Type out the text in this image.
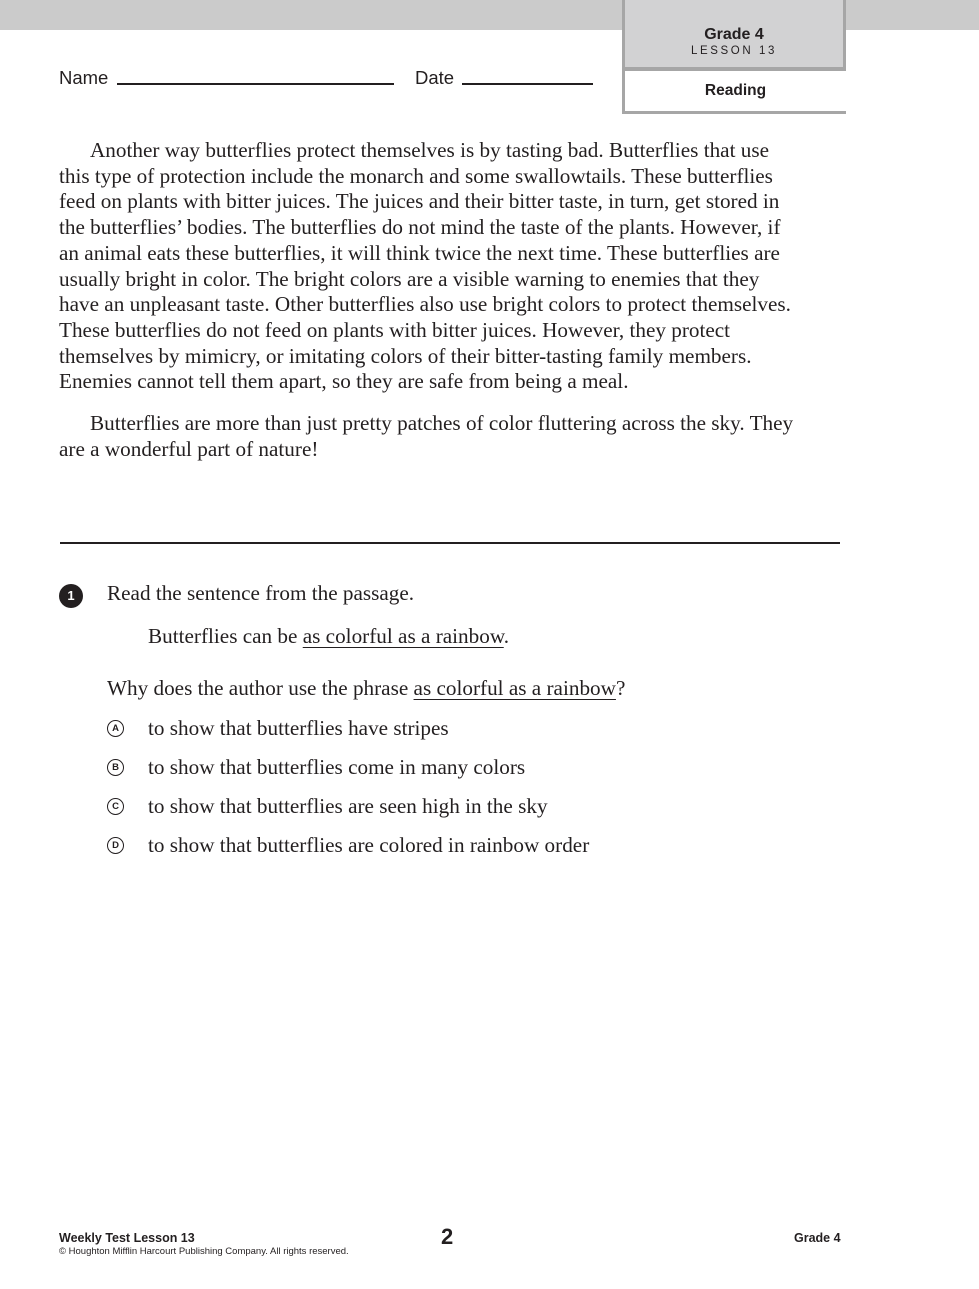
Grade 4
LESSON 13
Reading
Name	Date

Another way butterflies protect themselves is by tasting bad. Butterflies that use this type of protection include the monarch and some swallowtails. These butterflies feed on plants with bitter juices. The juices and their bitter taste, in turn, get stored in the butterflies’ bodies. The butterflies do not mind the taste of the plants. However, if an animal eats these butterflies, it will think twice the next time. These butterflies are usually bright in color. The bright colors are a visible warning to enemies that they have an unpleasant taste. Other butterflies also use bright colors to protect themselves. These butterflies do not feed on plants with bitter juices. However, they protect themselves by mimicry, or imitating colors of their bitter-tasting family members. Enemies cannot tell them apart, so they are safe from being a meal.

Butterflies are more than just pretty patches of color fluttering across the sky. They are a wonderful part of nature!

1	Read the sentence from the passage.
Butterflies can be as colorful as a rainbow.
Why does the author use the phrase as colorful as a rainbow?
A to show that butterflies have stripes
B to show that butterflies come in many colors
C to show that butterflies are seen high in the sky
D to show that butterflies are colored in rainbow order
Weekly Test Lesson 13
© Houghton Mifflin Harcourt Publishing Company. All rights reserved.
2	Grade 4
